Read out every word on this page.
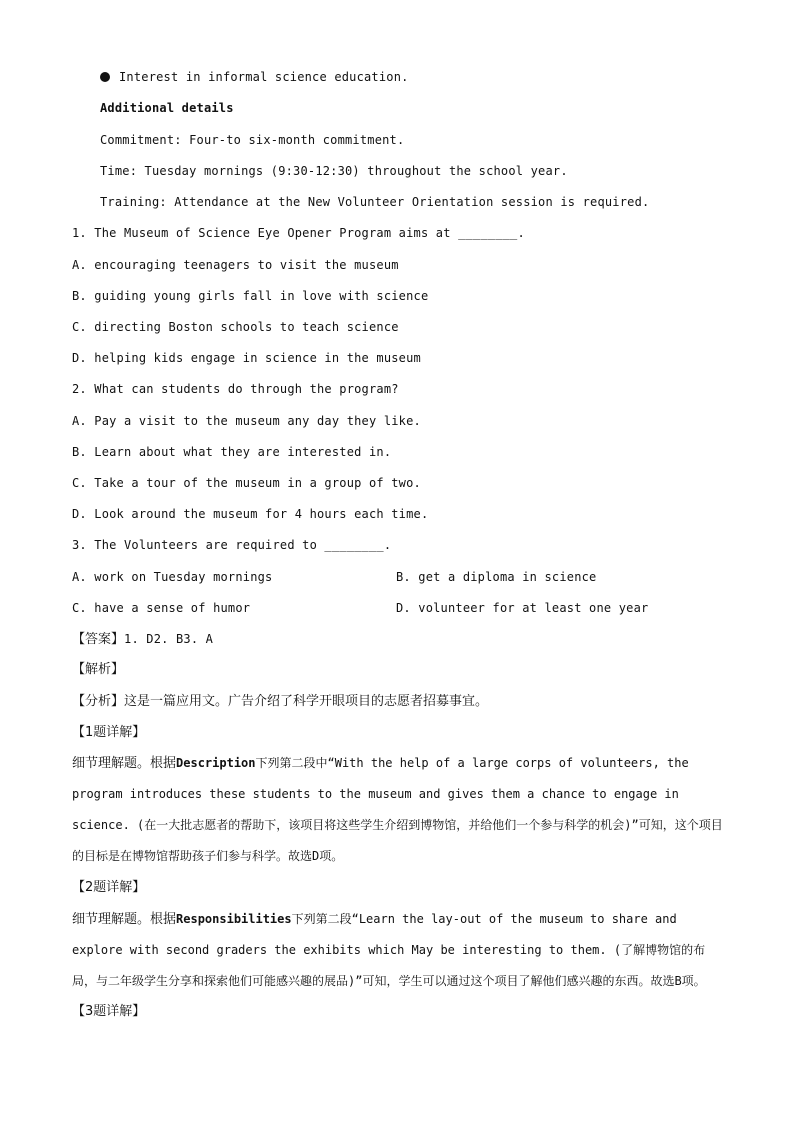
Interest in informal science education.
Additional details
Commitment: Four-to six-month commitment.
Time: Tuesday mornings (9:30-12:30) throughout the school year.
Training: Attendance at the New Volunteer Orientation session is required.
1. The Museum of Science Eye Opener Program aims at ________.
A. encouraging teenagers to visit the museum
B. guiding young girls fall in love with science
C. directing Boston schools to teach science
D. helping kids engage in science in the museum
2. What can students do through the program?
A. Pay a visit to the museum any day they like.
B. Learn about what they are interested in.
C. Take a tour of the museum in a group of two.
D. Look around the museum for 4 hours each time.
3. The Volunteers are required to ________.
A. work on Tuesday mornings	B. get a diploma in science
C. have a sense of humor	D. volunteer for at least one year
【答案】1. D2. B3. A
【解析】
【分析】这是一篇应用文。广告介绍了科学开眼项目的志愿者招募事宜。
【1题详解】
细节理解题。根据Description下列第二段中“With the help of a large corps of volunteers, the program introduces these students to the museum and gives them a chance to engage in science. (在一大批志愿者的帮助下，该项目将这些学生介绍到博物馆，并给他们一个参与科学的机会)”可知，这个项目的目标是在博物馆帮助孩子们参与科学。故选D项。
【2题详解】
细节理解题。根据Responsibilities下列第二段“Learn the lay-out of the museum to share and explore with second graders the exhibits which May be interesting to them. (了解博物馆的布局，与二年级学生分享和探索他们可能感兴趣的展品)”可知，学生可以通过这个项目了解他们感兴趣的东西。故选B项。
【3题详解】
